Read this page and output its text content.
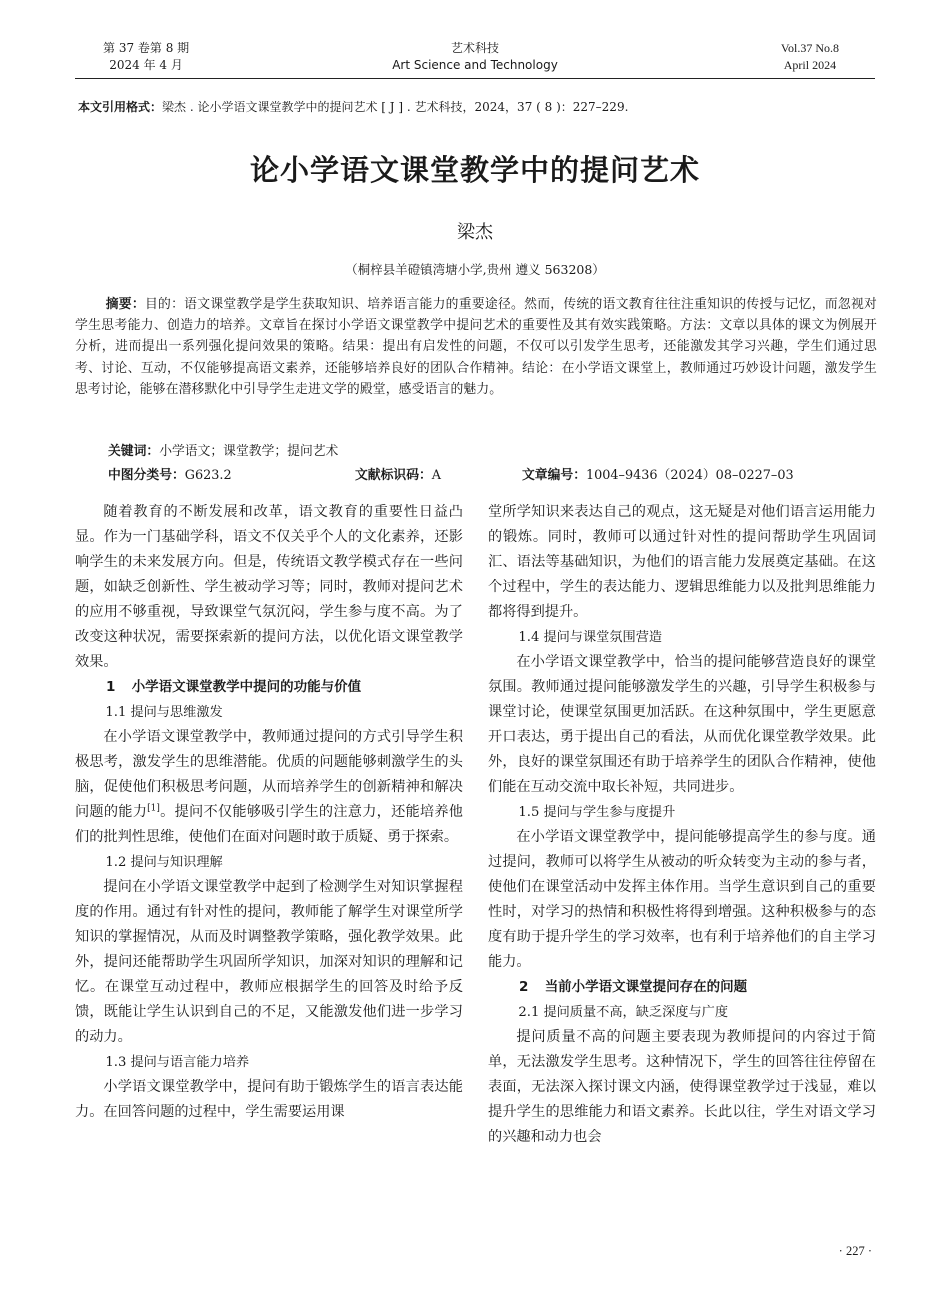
第 37 卷第 8 期
2024 年 4 月
艺术科技
Art Science and Technology
Vol.37 No.8
April 2024
本文引用格式：梁杰 . 论小学语文课堂教学中的提问艺术 [ J ] . 艺术科技，2024，37 ( 8 )：227–229.
论小学语文课堂教学中的提问艺术
梁杰
（桐梓县羊磴镇湾塘小学,贵州 遵义 563208）
摘要：目的：语文课堂教学是学生获取知识、培养语言能力的重要途径。然而，传统的语文教育往往注重知识的传授与记忆，而忽视对学生思考能力、创造力的培养。文章旨在探讨小学语文课堂教学中提问艺术的重要性及其有效实践策略。方法：文章以具体的课文为例展开分析，进而提出一系列强化提问效果的策略。结果：提出有启发性的问题，不仅可以引发学生思考，还能激发其学习兴趣，学生们通过思考、讨论、互动，不仅能够提高语文素养，还能够培养良好的团队合作精神。结论：在小学语文课堂上，教师通过巧妙设计问题，激发学生思考讨论，能够在潜移默化中引导学生走进文学的殿堂，感受语言的魅力。
关键词：小学语文；课堂教学；提问艺术
中图分类号：G623.2	文献标识码：A	文章编号：1004–9436（2024）08–0227–03

随着教育的不断发展和改革，语文教育的重要性日益凸显。作为一门基础学科，语文不仅关乎个人的文化素养，还影响学生的未来发展方向。但是，传统语文教学模式存在一些问题，如缺乏创新性、学生被动学习等；同时，教师对提问艺术的应用不够重视，导致课堂气氛沉闷，学生参与度不高。为了改变这种状况，需要探索新的提问方法，以优化语文课堂教学效果。

1 小学语文课堂教学中提问的功能与价值
1.1 提问与思维激发

在小学语文课堂教学中，教师通过提问的方式引导学生积极思考，激发学生的思维潜能。优质的问题能够刺激学生的头脑，促使他们积极思考问题，从而培养学生的创新精神和解决问题的能力[1]。提问不仅能够吸引学生的注意力，还能培养他们的批判性思维，使他们在面对问题时敢于质疑、勇于探索。

1.2 提问与知识理解

提问在小学语文课堂教学中起到了检测学生对知识掌握程度的作用。通过有针对性的提问，教师能了解学生对课堂所学知识的掌握情况，从而及时调整教学策略，强化教学效果。此外，提问还能帮助学生巩固所学知识，加深对知识的理解和记忆。在课堂互动过程中，教师应根据学生的回答及时给予反馈，既能让学生认识到自己的不足，又能激发他们进一步学习的动力。

1.3 提问与语言能力培养

小学语文课堂教学中，提问有助于锻炼学生的语言表达能力。在回答问题的过程中，学生需要运用课

堂所学知识来表达自己的观点，这无疑是对他们语言运用能力的锻炼。同时，教师可以通过针对性的提问帮助学生巩固词汇、语法等基础知识，为他们的语言能力发展奠定基础。在这个过程中，学生的表达能力、逻辑思维能力以及批判思维能力都将得到提升。

1.4 提问与课堂氛围营造

在小学语文课堂教学中，恰当的提问能够营造良好的课堂氛围。教师通过提问能够激发学生的兴趣，引导学生积极参与课堂讨论，使课堂氛围更加活跃。在这种氛围中，学生更愿意开口表达，勇于提出自己的看法，从而优化课堂教学效果。此外，良好的课堂氛围还有助于培养学生的团队合作精神，使他们能在互动交流中取长补短，共同进步。

1.5 提问与学生参与度提升

在小学语文课堂教学中，提问能够提高学生的参与度。通过提问，教师可以将学生从被动的听众转变为主动的参与者，使他们在课堂活动中发挥主体作用。当学生意识到自己的重要性时，对学习的热情和积极性将得到增强。这种积极参与的态度有助于提升学生的学习效率，也有利于培养他们的自主学习能力。

2 当前小学语文课堂提问存在的问题
2.1 提问质量不高，缺乏深度与广度

提问质量不高的问题主要表现为教师提问的内容过于简单，无法激发学生思考。这种情况下，学生的回答往往停留在表面，无法深入探讨课文内涵，使得课堂教学过于浅显，难以提升学生的思维能力和语文素养。长此以往，学生对语文学习的兴趣和动力也会

· 227 ·
